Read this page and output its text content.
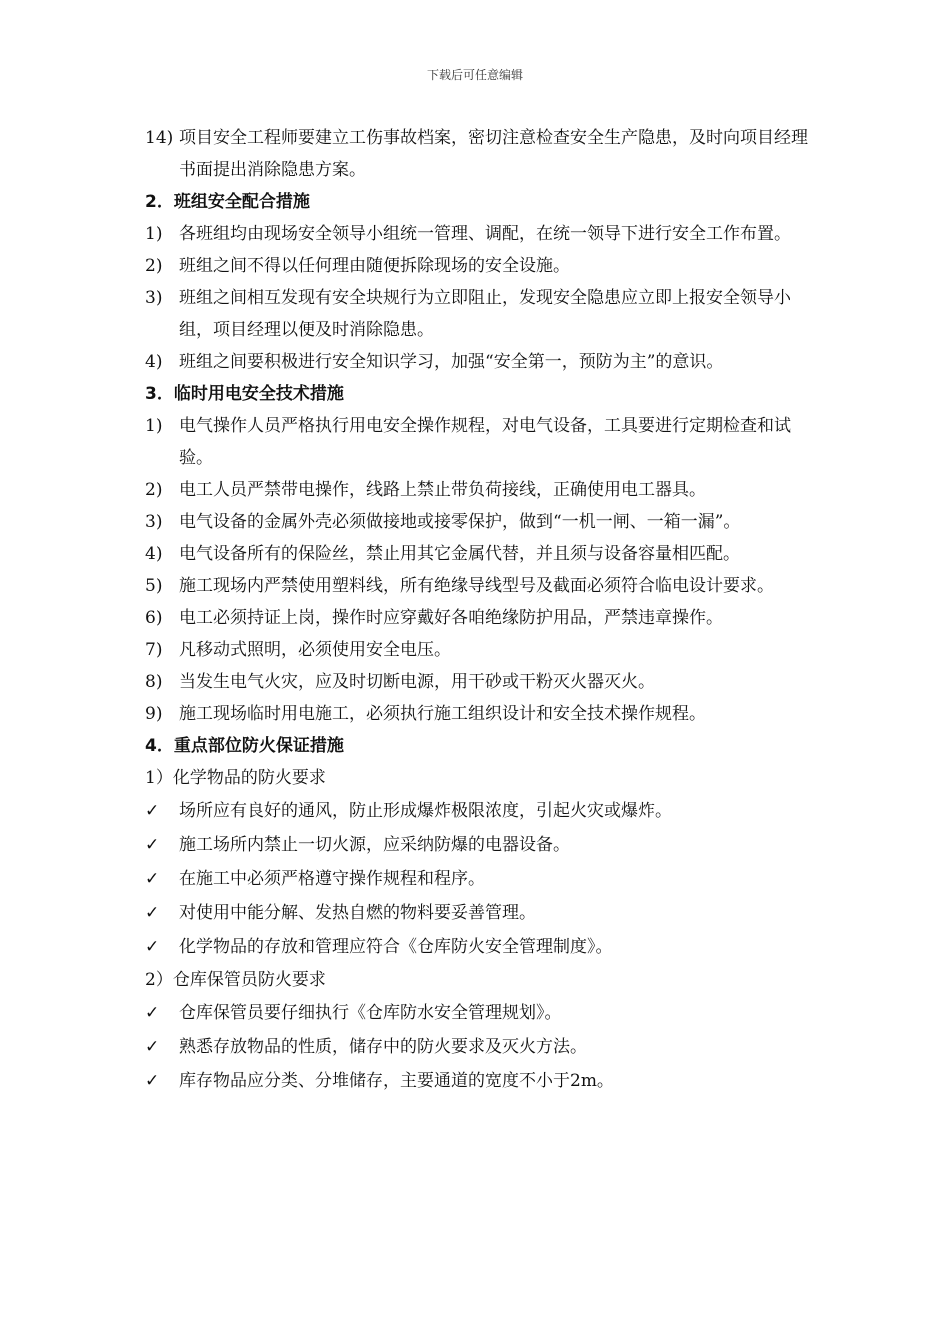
下载后可任意编辑
14) 项目安全工程师要建立工伤事故档案，密切注意检查安全生产隐患，及时向项目经理书面提出消除隐患方案。
2．班组安全配合措施
1) 各班组均由现场安全领导小组统一管理、调配，在统一领导下进行安全工作布置。
2) 班组之间不得以任何理由随便拆除现场的安全设施。
3) 班组之间相互发现有安全块规行为立即阻止，发现安全隐患应立即上报安全领导小组，项目经理以便及时消除隐患。
4) 班组之间要积极进行安全知识学习，加强“安全第一，预防为主”的意识。
3．临时用电安全技术措施
1) 电气操作人员严格执行用电安全操作规程，对电气设备，工具要进行定期检查和试验。
2) 电工人员严禁带电操作，线路上禁止带负荷接线，正确使用电工器具。
3) 电气设备的金属外壳必须做接地或接零保护，做到“一机一闸、一箱一漏”。
4) 电气设备所有的保险丝，禁止用其它金属代替，并且须与设备容量相匹配。
5) 施工现场内严禁使用塑料线，所有绝缘导线型号及截面必须符合临电设计要求。
6) 电工必须持证上岗，操作时应穿戴好各咱绝缘防护用品，严禁违章操作。
7) 凡移动式照明，必须使用安全电压。
8) 当发生电气火灾，应及时切断电源，用干砂或干粉灭火器灭火。
9) 施工现场临时用电施工，必须执行施工组织设计和安全技术操作规程。
4．重点部位防火保证措施
1）化学物品的防火要求
✓	场所应有良好的通风，防止形成爆炸极限浓度，引起火灾或爆炸。
✓	施工场所内禁止一切火源，应采纳防爆的电器设备。
✓	在施工中必须严格遵守操作规程和程序。
✓	对使用中能分解、发热自燃的物料要妥善管理。
✓	化学物品的存放和管理应符合《仓库防火安全管理制度》。
2）仓库保管员防火要求
✓	仓库保管员要仔细执行《仓库防水安全管理规划》。
✓	熟悉存放物品的性质，储存中的防火要求及灭火方法。
✓	库存物品应分类、分堆储存，主要通道的宽度不小于2m。
